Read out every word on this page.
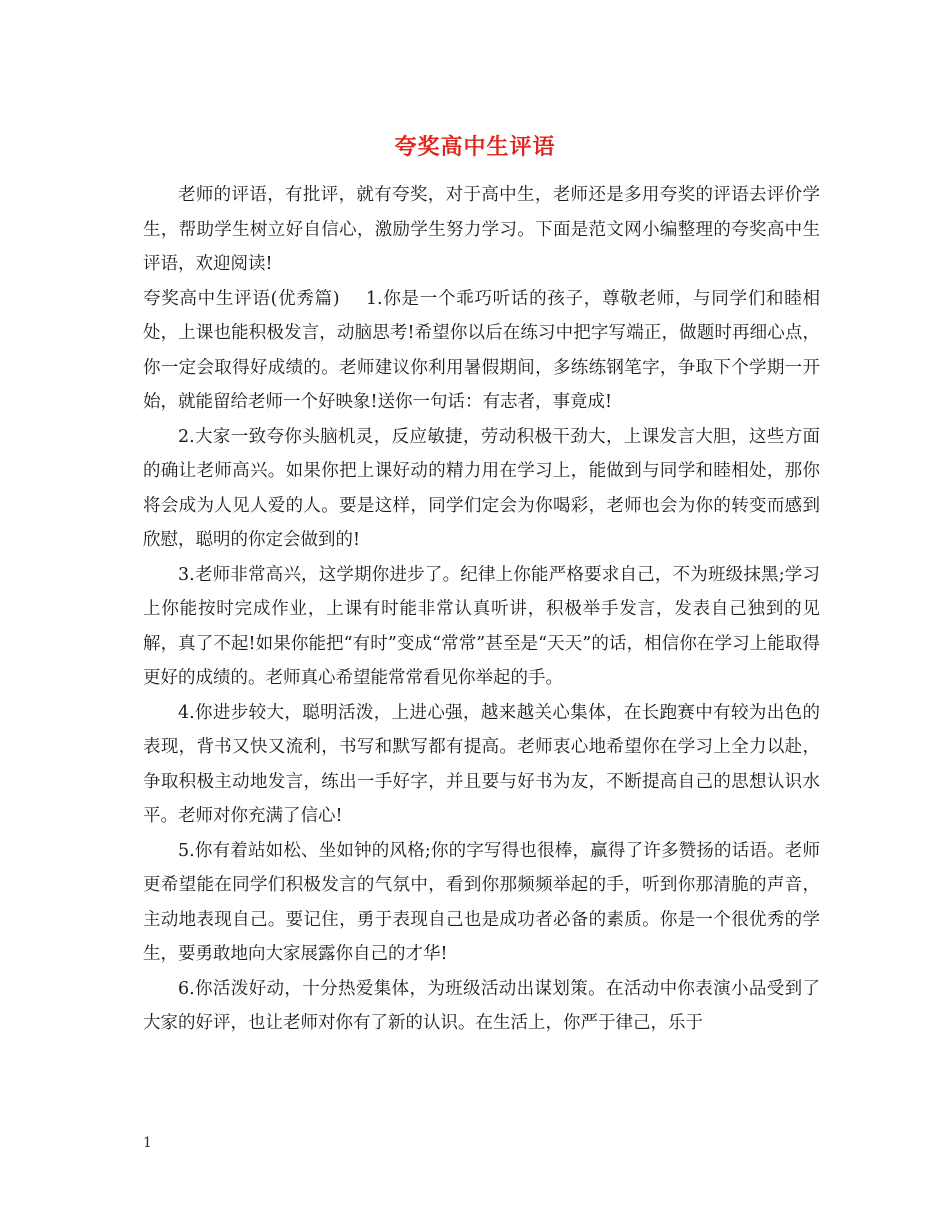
夸奖高中生评语

老师的评语，有批评，就有夸奖，对于高中生，老师还是多用夸奖的评语去评价学生，帮助学生树立好自信心，激励学生努力学习。下面是范文网小编整理的夸奖高中生评语，欢迎阅读!

夸奖高中生评语(优秀篇) 1.你是一个乖巧听话的孩子，尊敬老师，与同学们和睦相处，上课也能积极发言，动脑思考!希望你以后在练习中把字写端正，做题时再细心点，你一定会取得好成绩的。老师建议你利用暑假期间，多练练钢笔字，争取下个学期一开始，就能留给老师一个好映象!送你一句话：有志者，事竟成!

2.大家一致夸你头脑机灵，反应敏捷，劳动积极干劲大，上课发言大胆，这些方面的确让老师高兴。如果你把上课好动的精力用在学习上，能做到与同学和睦相处，那你将会成为人见人爱的人。要是这样，同学们定会为你喝彩，老师也会为你的转变而感到欣慰，聪明的你定会做到的!

3.老师非常高兴，这学期你进步了。纪律上你能严格要求自己，不为班级抹黑;学习上你能按时完成作业，上课有时能非常认真听讲，积极举手发言，发表自己独到的见解，真了不起!如果你能把“有时”变成“常常”甚至是“天天”的话，相信你在学习上能取得更好的成绩的。老师真心希望能常常看见你举起的手。

4.你进步较大，聪明活泼，上进心强，越来越关心集体，在长跑赛中有较为出色的表现，背书又快又流利，书写和默写都有提高。老师衷心地希望你在学习上全力以赴，争取积极主动地发言，练出一手好字，并且要与好书为友，不断提高自己的思想认识水平。老师对你充满了信心!

5.你有着站如松、坐如钟的风格;你的字写得也很棒，赢得了许多赞扬的话语。老师更希望能在同学们积极发言的气氛中，看到你那频频举起的手，听到你那清脆的声音，主动地表现自己。要记住，勇于表现自己也是成功者必备的素质。你是一个很优秀的学生，要勇敢地向大家展露你自己的才华!

6.你活泼好动，十分热爱集体，为班级活动出谋划策。在活动中你表演小品受到了大家的好评，也让老师对你有了新的认识。在生活上，你严于律己，乐于

1
